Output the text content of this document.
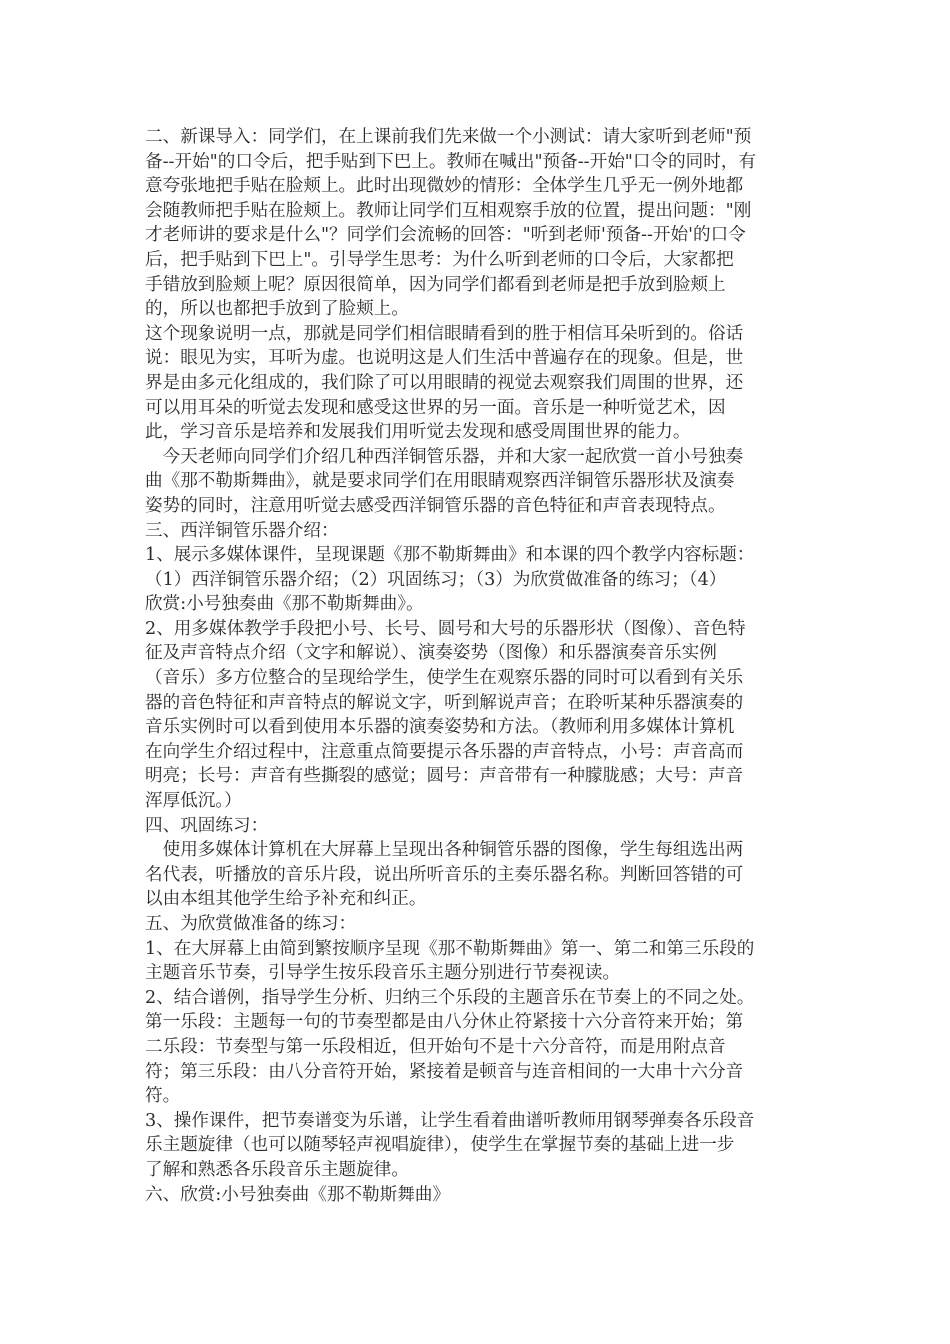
二、新课导入：同学们，在上课前我们先来做一个小测试：请大家听到老师"预
备--开始"的口令后，把手贴到下巴上。教师在喊出"预备--开始"口令的同时，有
意夸张地把手贴在脸颊上。此时出现微妙的情形：全体学生几乎无一例外地都
会随教师把手贴在脸颊上。教师让同学们互相观察手放的位置，提出问题："刚
才老师讲的要求是什么"？同学们会流畅的回答："听到老师'预备--开始'的口令
后，把手贴到下巴上"。引导学生思考：为什么听到老师的口令后，大家都把
手错放到脸颊上呢？原因很简单，因为同学们都看到老师是把手放到脸颊上
的，所以也都把手放到了脸颊上。
这个现象说明一点，那就是同学们相信眼睛看到的胜于相信耳朵听到的。俗话
说：眼见为实，耳听为虚。也说明这是人们生活中普遍存在的现象。但是，世
界是由多元化组成的，我们除了可以用眼睛的视觉去观察我们周围的世界，还
可以用耳朵的听觉去发现和感受这世界的另一面。音乐是一种听觉艺术，因
此，学习音乐是培养和发展我们用听觉去发现和感受周围世界的能力。
　今天老师向同学们介绍几种西洋铜管乐器，并和大家一起欣赏一首小号独奏
曲《那不勒斯舞曲》，就是要求同学们在用眼睛观察西洋铜管乐器形状及演奏
姿势的同时，注意用听觉去感受西洋铜管乐器的音色特征和声音表现特点。
三、西洋铜管乐器介绍：
1、展示多媒体课件，呈现课题《那不勒斯舞曲》和本课的四个教学内容标题：
（1）西洋铜管乐器介绍；（2）巩固练习；（3）为欣赏做准备的练习；（4）
欣赏:小号独奏曲《那不勒斯舞曲》。
2、用多媒体教学手段把小号、长号、圆号和大号的乐器形状（图像）、音色特
征及声音特点介绍（文字和解说）、演奏姿势（图像）和乐器演奏音乐实例
（音乐）多方位整合的呈现给学生，使学生在观察乐器的同时可以看到有关乐
器的音色特征和声音特点的解说文字，听到解说声音；在聆听某种乐器演奏的
音乐实例时可以看到使用本乐器的演奏姿势和方法。（教师利用多媒体计算机
在向学生介绍过程中，注意重点简要提示各乐器的声音特点，小号：声音高而
明亮；长号：声音有些撕裂的感觉；圆号：声音带有一种朦胧感；大号：声音
浑厚低沉。）
四、巩固练习：
　使用多媒体计算机在大屏幕上呈现出各种铜管乐器的图像，学生每组选出两
名代表，听播放的音乐片段，说出所听音乐的主奏乐器名称。判断回答错的可
以由本组其他学生给予补充和纠正。
五、为欣赏做准备的练习：
1、在大屏幕上由简到繁按顺序呈现《那不勒斯舞曲》第一、第二和第三乐段的
主题音乐节奏，引导学生按乐段音乐主题分别进行节奏视读。
2、结合谱例，指导学生分析、归纳三个乐段的主题音乐在节奏上的不同之处。
第一乐段：主题每一句的节奏型都是由八分休止符紧接十六分音符来开始；第
二乐段：节奏型与第一乐段相近，但开始句不是十六分音符，而是用附点音
符；第三乐段：由八分音符开始，紧接着是顿音与连音相间的一大串十六分音
符。
3、操作课件，把节奏谱变为乐谱，让学生看着曲谱听教师用钢琴弹奏各乐段音
乐主题旋律（也可以随琴轻声视唱旋律），使学生在掌握节奏的基础上进一步
了解和熟悉各乐段音乐主题旋律。
六、欣赏:小号独奏曲《那不勒斯舞曲》
